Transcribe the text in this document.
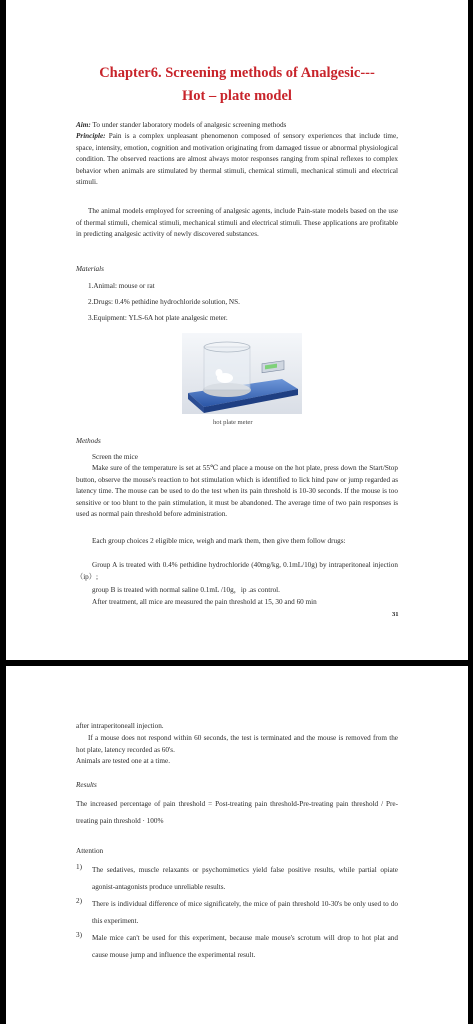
Chapter6. Screening methods of Analgesic---
Hot – plate model
Aim: To under stander laboratory models of analgesic screening methods
Principle: Pain is a complex unpleasant phenomenon composed of sensory experiences that include time, space, intensity, emotion, cognition and motivation originating from damaged tissue or abnormal physiological condition. The observed reactions are almost always motor responses ranging from spinal reflexes to complex behavior when animals are stimulated by thermal stimuli, chemical stimuli, mechanical stimuli and electrical stimuli.
The animal models employed for screening of analgesic agents, include Pain-state models based on the use of thermal stimuli, chemical stimuli, mechanical stimuli and electrical stimuli. These applications are profitable in predicting analgesic activity of newly discovered substances.
Materials
1.Animal: mouse or rat
2.Drugs: 0.4% pethidine hydrochloride solution, NS.
3.Equipment: YLS-6A hot plate analgesic meter.
hot plate meter
Methods
Screen the mice
Make sure of the temperature is set at 55℃ and place a mouse on the hot plate, press down the Start/Stop button, observe the mouse's reaction to hot stimulation which is identified to lick hind paw or jump regarded as latency time. The mouse can be used to do the test when its pain threshold is 10-30 seconds. If the mouse is too sensitive or too blunt to the pain stimulation, it must be abandoned. The average time of two pain responses is used as normal pain threshold before administration.
Each group choices 2 eligible mice, weigh and mark them, then give them follow drugs:
Group A is treated with 0.4% pethidine hydrochloride (40mg/kg, 0.1mL/10g) by intraperitoneal injection（ip）;
group B is treated with normal saline 0.1mL /10g，ip .as control.
After treatment, all mice are measured the pain threshold at 15, 30 and 60 min
31
after intraperitoneall injection.
If a mouse does not respond within 60 seconds, the test is terminated and the mouse is removed from the hot plate, latency recorded as 60's.
Animals are tested one at a time.
Results
The increased percentage of pain threshold = Post-treating pain threshold-Pre-treating pain threshold / Pre-treating pain threshold · 100%
Attention
1) The sedatives, muscle relaxants or psychomimetics yield false positive results, while partial opiate agonist-antagonists produce unreliable results.
2) There is individual difference of mice significately, the mice of pain threshold 10-30's be only used to do this experiment.
3) Male mice can't be used for this experiment, because male mouse's scrotum will drop to hot plat and cause mouse jump and influence the experimental result.
